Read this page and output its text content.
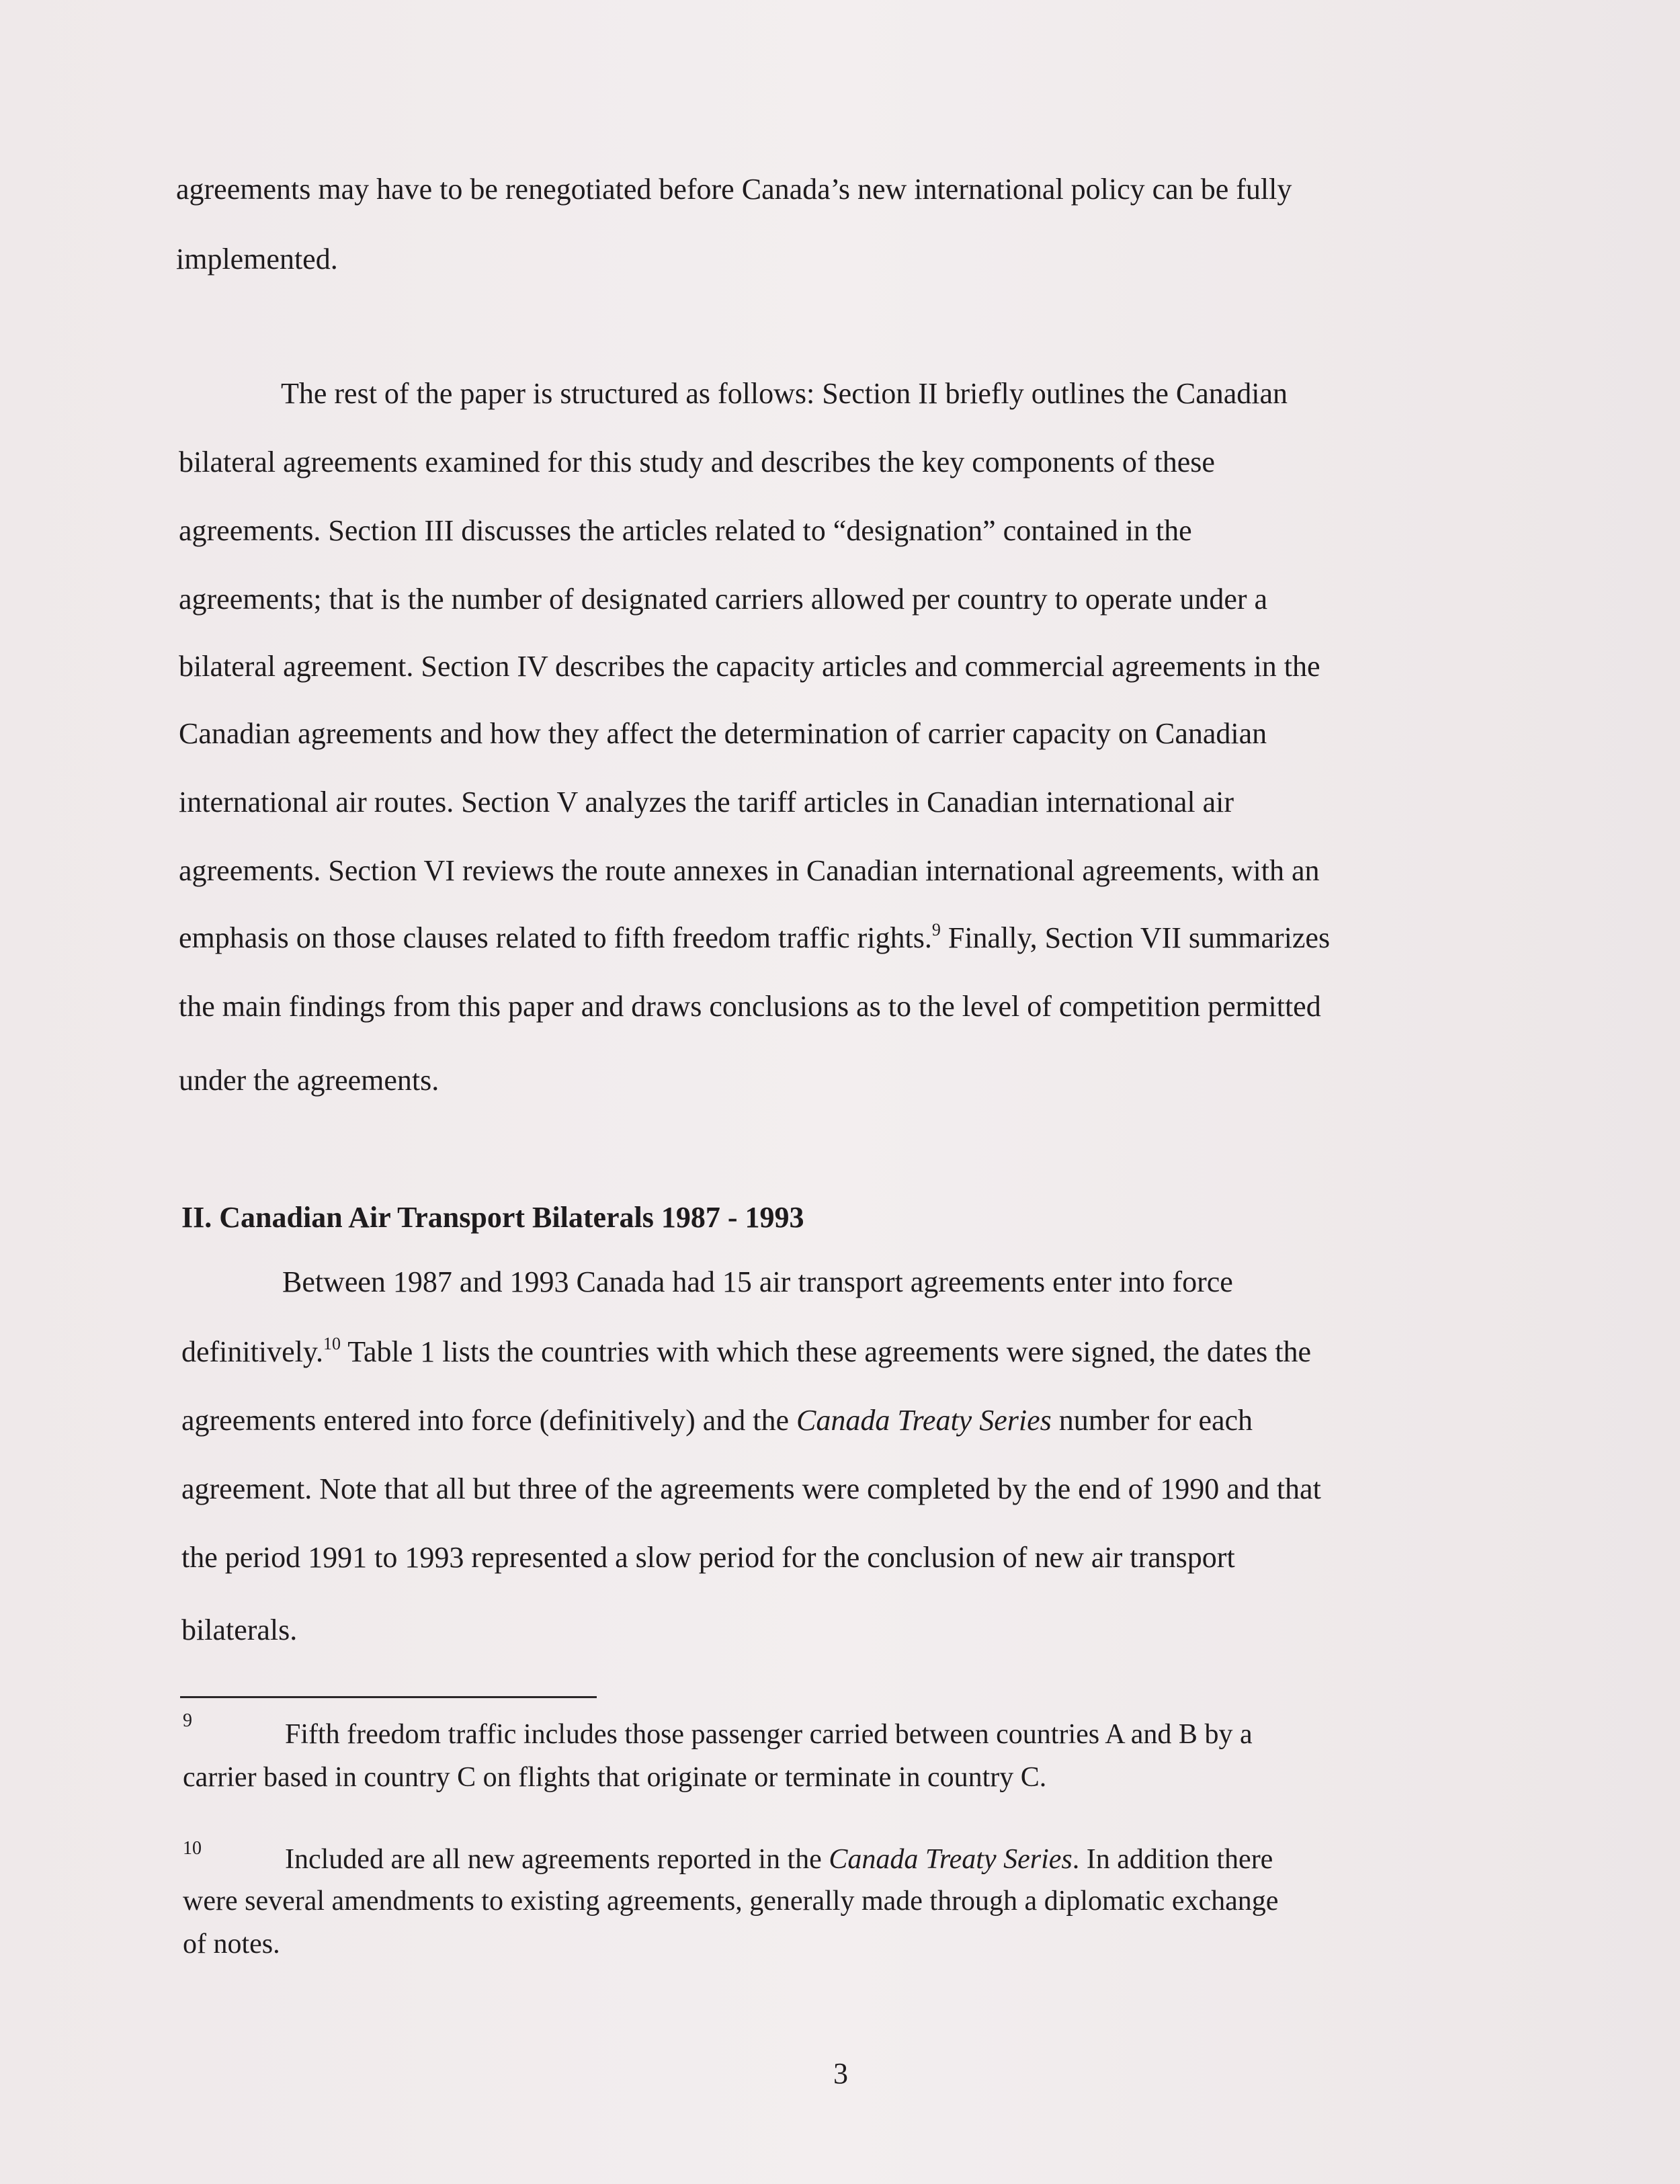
agreements may have to be renegotiated before Canada’s new international policy can be fully
implemented.
The rest of the paper is structured as follows: Section II briefly outlines the Canadian
bilateral agreements examined for this study and describes the key components of these
agreements. Section III discusses the articles related to “designation” contained in the
agreements; that is the number of designated carriers allowed per country to operate under a
bilateral agreement. Section IV describes the capacity articles and commercial agreements in the
Canadian agreements and how they affect the determination of carrier capacity on Canadian
international air routes. Section V analyzes the tariff articles in Canadian international air
agreements. Section VI reviews the route annexes in Canadian international agreements, with an
emphasis on those clauses related to fifth freedom traffic rights.$^9$ Finally, Section VII summarizes
the main findings from this paper and draws conclusions as to the level of competition permitted
under the agreements.
II. Canadian Air Transport Bilaterals 1987 - 1993
Between 1987 and 1993 Canada had 15 air transport agreements enter into force
definitively.$^{10}$ Table 1 lists the countries with which these agreements were signed, the dates the
agreements entered into force (definitively) and the Canada Treaty Series number for each
agreement. Note that all but three of the agreements were completed by the end of 1990 and that
the period 1991 to 1993 represented a slow period for the conclusion of new air transport
bilaterals.
9	Fifth freedom traffic includes those passenger carried between countries A and B by a
carrier based in country C on flights that originate or terminate in country C.
10	Included are all new agreements reported in the Canada Treaty Series. In addition there
were several amendments to existing agreements, generally made through a diplomatic exchange
of notes.
3
